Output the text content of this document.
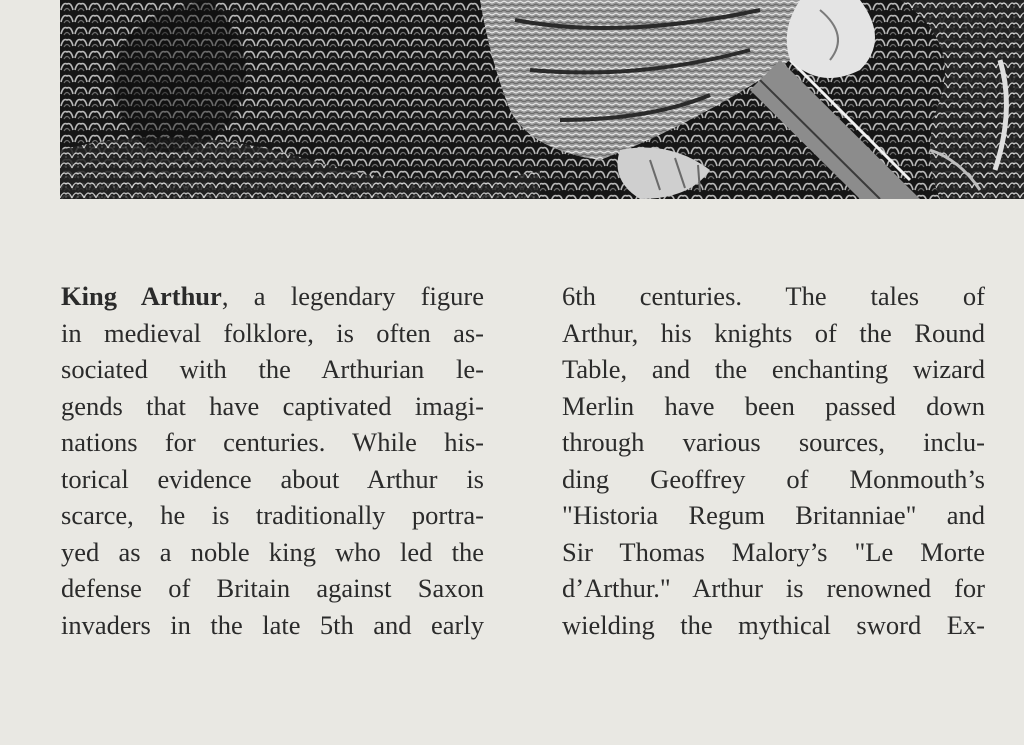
King Arthur, a legendary figure
in medieval folklore, is often as-
sociated with the Arthurian le-
gends that have captivated imagi-
nations for centuries. While his-
torical evidence about Arthur is
scarce, he is traditionally portra-
yed as a noble king who led the
defense of Britain against Saxon
invaders in the late 5th and early
6th centuries. The tales of
Arthur, his knights of the Round
Table, and the enchanting wizard
Merlin have been passed down
through various sources, inclu-
ding Geoffrey of Monmouth’s
"Historia Regum Britanniae" and
Sir Thomas Malory’s "Le Morte
d’Arthur." Arthur is renowned for
wielding the mythical sword Ex-
